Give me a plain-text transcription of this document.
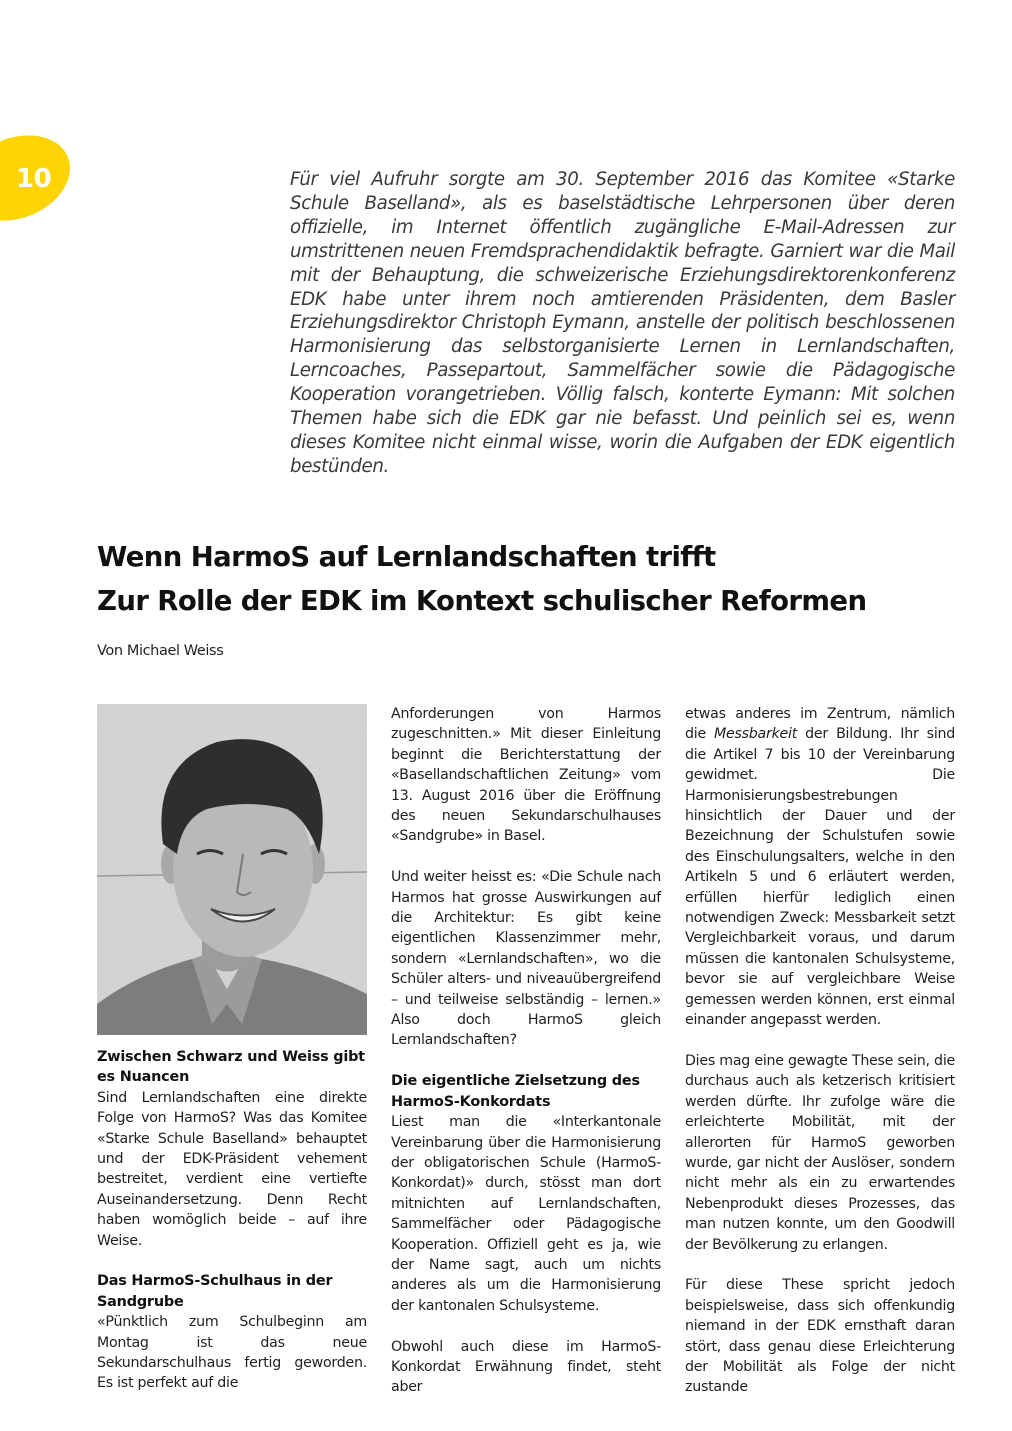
10	Für viel Aufruhr sorgte am 30. September 2016 das Komitee «Starke Schule Baselland», als es baselstädtische Lehrpersonen über deren offizielle, im Internet öffentlich zugängliche E-Mail-Adressen zur umstrittenen neuen Fremdsprachendidaktik befragte. Garniert war die Mail mit der Behauptung, die schweizerische Erziehungsdirektorenkonferenz EDK habe unter ihrem noch amtierenden Präsidenten, dem Basler Erziehungsdirektor Christoph Eymann, anstelle der politisch beschlossenen Harmonisierung das selbstorganisierte Lernen in Lernlandschaften, Lerncoaches, Passepartout, Sammelfächer sowie die Pädagogische Kooperation vorangetrieben. Völlig falsch, konterte Eymann: Mit solchen Themen habe sich die EDK gar nie befasst. Und peinlich sei es, wenn dieses Komitee nicht einmal wisse, worin die Aufgaben der EDK eigentlich bestünden.
Wenn HarmoS auf Lernlandschaften trifft
Zur Rolle der EDK im Kontext schulischer Reformen
Von Michael Weiss
Zwischen Schwarz und Weiss gibt es Nuancen

Sind Lernlandschaften eine direkte Folge von HarmoS? Was das Komitee «Starke Schule Baselland» behauptet und der EDK-Präsident vehement bestreitet, verdient eine vertiefte Auseinandersetzung. Denn Recht haben womöglich beide – auf ihre Weise.

Das HarmoS-Schulhaus in der Sandgrube

«Pünktlich zum Schulbeginn am Montag ist das neue Sekundarschulhaus fertig geworden. Es ist perfekt auf die

Anforderungen von Harmos zugeschnitten.» Mit dieser Einleitung beginnt die Berichterstattung der «Basellandschaftlichen Zeitung» vom 13. August 2016 über die Eröffnung des neuen Sekundarschulhauses «Sandgrube» in Basel.

Und weiter heisst es: «Die Schule nach Harmos hat grosse Auswirkungen auf die Architektur: Es gibt keine eigentlichen Klassenzimmer mehr, sondern «Lernlandschaften», wo die Schüler alters- und niveauübergreifend – und teilweise selbständig – lernen.» Also doch HarmoS gleich Lernlandschaften?

Die eigentliche Zielsetzung des HarmoS-Konkordats

Liest man die «Interkantonale Vereinbarung über die Harmonisierung der obligatorischen Schule (HarmoS-Konkordat)» durch, stösst man dort mitnichten auf Lernlandschaften, Sammelfächer oder Pädagogische Kooperation. Offiziell geht es ja, wie der Name sagt, auch um nichts anderes als um die Harmonisierung der kantonalen Schulsysteme.

Obwohl auch diese im HarmoS-Konkordat Erwähnung findet, steht aber

etwas anderes im Zentrum, nämlich die Messbarkeit der Bildung. Ihr sind die Artikel 7 bis 10 der Vereinbarung gewidmet. Die Harmonisierungsbestrebungen hinsichtlich der Dauer und der Bezeichnung der Schulstufen sowie des Einschulungsalters, welche in den Artikeln 5 und 6 erläutert werden, erfüllen hierfür lediglich einen notwendigen Zweck: Messbarkeit setzt Vergleichbarkeit voraus, und darum müssen die kantonalen Schulsysteme, bevor sie auf vergleichbare Weise gemessen werden können, erst einmal einander angepasst werden.

Dies mag eine gewagte These sein, die durchaus auch als ketzerisch kritisiert werden dürfte. Ihr zufolge wäre die erleichterte Mobilität, mit der allerorten für HarmoS geworben wurde, gar nicht der Auslöser, sondern nicht mehr als ein zu erwartendes Nebenprodukt dieses Prozesses, das man nutzen konnte, um den Goodwill der Bevölkerung zu erlangen.

Für diese These spricht jedoch beispielsweise, dass sich offenkundig niemand in der EDK ernsthaft daran stört, dass genau diese Erleichterung der Mobilität als Folge der nicht zustande
